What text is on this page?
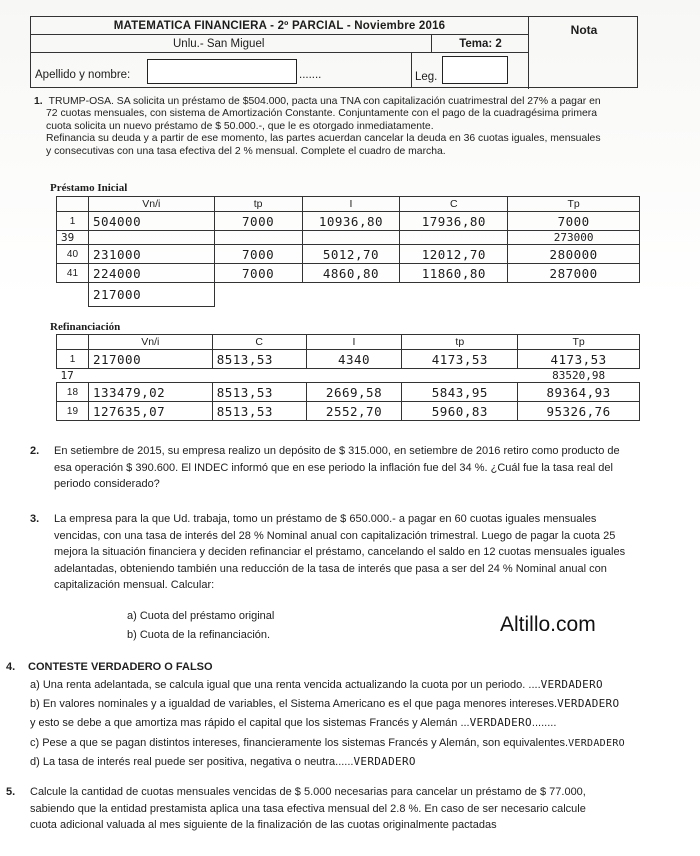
MATEMATICA FINANCIERA - 2º PARCIAL - Noviembre 2016
Unlu.- San Miguel	Tema: 2
Apellido y nombre:	.......	Leg.
Nota
1. TRUMP-OSA. SA solicita un préstamo de $504.000, pacta una TNA con capitalización cuatrimestral del 27% a pagar en
72 cuotas mensuales, con sistema de Amortización Constante. Conjuntamente con el pago de la cuadragésima primera
cuota solicita un nuevo préstamo de $ 50.000.-, que le es otorgado inmediatamente.
Refinancia su deuda y a partir de ese momento, las partes acuerdan cancelar la deuda en 36 cuotas iguales, mensuales
y consecutivas con una tasa efectiva del 2 % mensual. Complete el cuadro de marcha.
Préstamo Inicial
	Vn/i	tp	I	C	Tp
1	504000	7000	10936,80	17936,80	7000
39					273000
40	231000	7000	5012,70	12012,70	280000
41	224000	7000	4860,80	11860,80	287000
	217000				
Refinanciación
	Vn/i	C	I	tp	Tp
1	217000	8513,53	4340	4173,53	4173,53
17					83520,98
18	133479,02	8513,53	2669,58	5843,95	89364,93
19	127635,07	8513,53	2552,70	5960,83	95326,76
2. En setiembre de 2015, su empresa realizo un depósito de $ 315.000, en setiembre de 2016 retiro como producto de
esa operación $ 390.600. El INDEC informó que en ese periodo la inflación fue del 34 %. ¿Cuál fue la tasa real del
periodo considerado?
3. La empresa para la que Ud. trabaja, tomo un préstamo de $ 650.000.- a pagar en 60 cuotas iguales mensuales
vencidas, con una tasa de interés del 28 % Nominal anual con capitalización trimestral. Luego de pagar la cuota 25
mejora la situación financiera y deciden refinanciar el préstamo, cancelando el saldo en 12 cuotas mensuales iguales
adelantadas, obteniendo también una reducción de la tasa de interés que pasa a ser del 24 % Nominal anual con
capitalización mensual. Calcular:
a) Cuota del préstamo original
b) Cuota de la refinanciación.	Altillo.com
4. CONTESTE VERDADERO O FALSO
a) Una renta adelantada, se calcula igual que una renta vencida actualizando la cuota por un periodo. ....VERDADERO
b) En valores nominales y a igualdad de variables, el Sistema Americano es el que paga menores intereses.VERDADERO
y esto se debe a que amortiza mas rápido el capital que los sistemas Francés y Alemán ...VERDADERO........
c) Pese a que se pagan distintos intereses, financieramente los sistemas Francés y Alemán, son equivalentes.VERDADERO
d) La tasa de interés real puede ser positiva, negativa o neutra......VERDADERO
5. Calcule la cantidad de cuotas mensuales vencidas de $ 5.000 necesarias para cancelar un préstamo de $ 77.000,
sabiendo que la entidad prestamista aplica una tasa efectiva mensual del 2.8 %. En caso de ser necesario calcule
cuota adicional valuada al mes siguiente de la finalización de las cuotas originalmente pactadas
